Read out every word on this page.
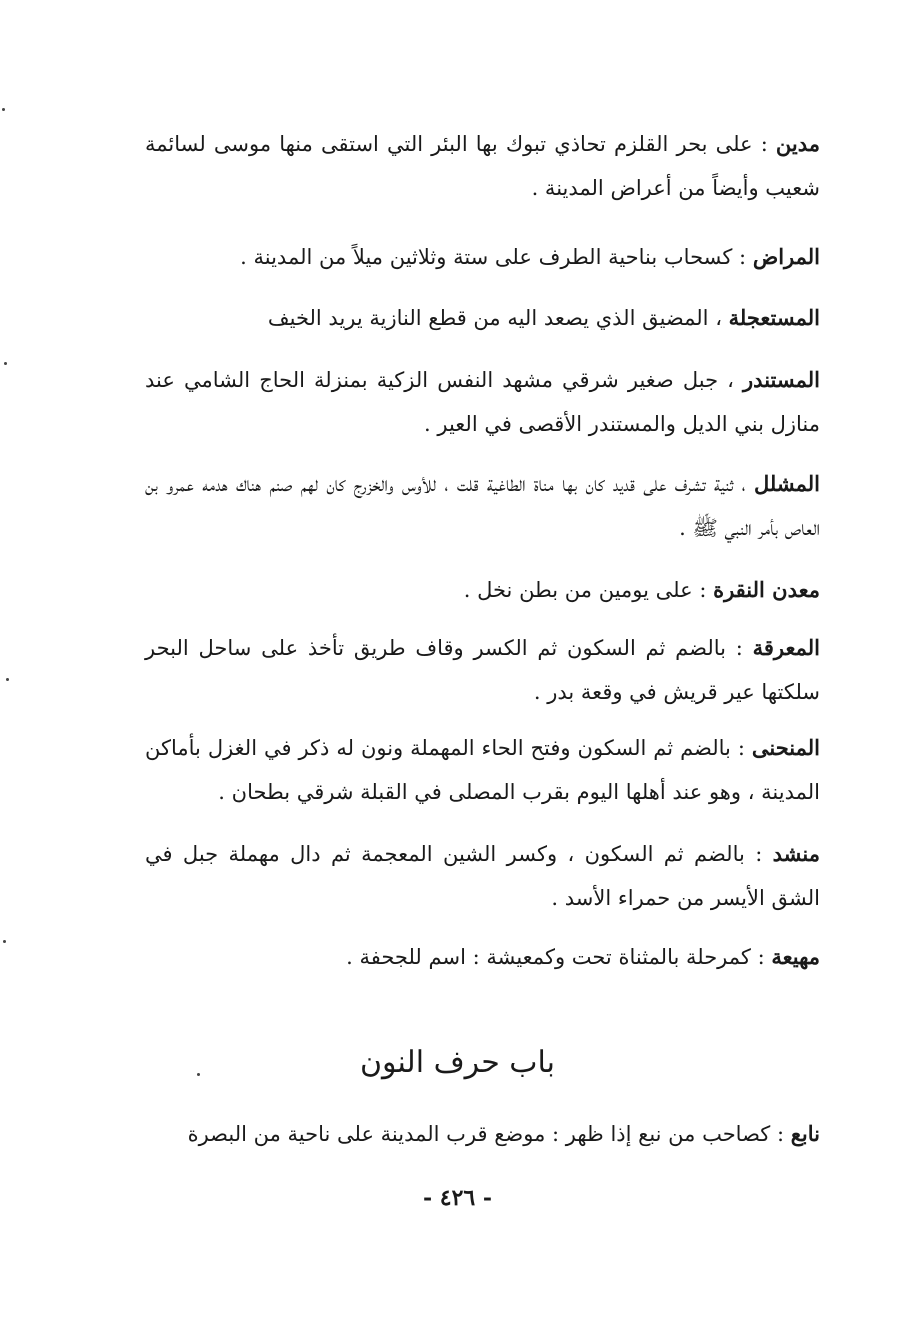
مدين : على بحر القلزم تحاذي تبوك بها البئر التي استقى منها موسى لسائمة شعيب وأيضاً من أعراض المدينة .

المراض : كسحاب بناحية الطرف على ستة وثلاثين ميلاً من المدينة .

المستعجلة ، المضيق الذي يصعد اليه من قطع النازية يريد الخيف

المستندر ، جبل صغير شرقي مشهد النفس الزكية بمنزلة الحاج الشامي عند منازل بني الديل والمستندر الأقصى في العير .

المشلل ، ثنية تشرف على قديد كان بها مناة الطاغية قلت ، للأوس والخزرج كان لهم صنم هناك هدمه عمرو بن العاص بأمر النبي ﷺ .

معدن النقرة : على يومين من بطن نخل .

المعرقة : بالضم ثم السكون ثم الكسر وقاف طريق تأخذ على ساحل البحر سلكتها عير قريش في وقعة بدر .

المنحنى : بالضم ثم السكون وفتح الحاء المهملة ونون له ذكر في الغزل بأماكن المدينة ، وهو عند أهلها اليوم بقرب المصلى في القبلة شرقي بطحان .

منشد : بالضم ثم السكون ، وكسر الشين المعجمة ثم دال مهملة جبل في الشق الأيسر من حمراء الأسد .

مهيعة : كمرحلة بالمثناة تحت وكمعيشة : اسم للجحفة .

باب حرف النون

نابع : كصاحب من نبع إذا ظهر : موضع قرب المدينة على ناحية من البصرة

- ٤٢٦ -
